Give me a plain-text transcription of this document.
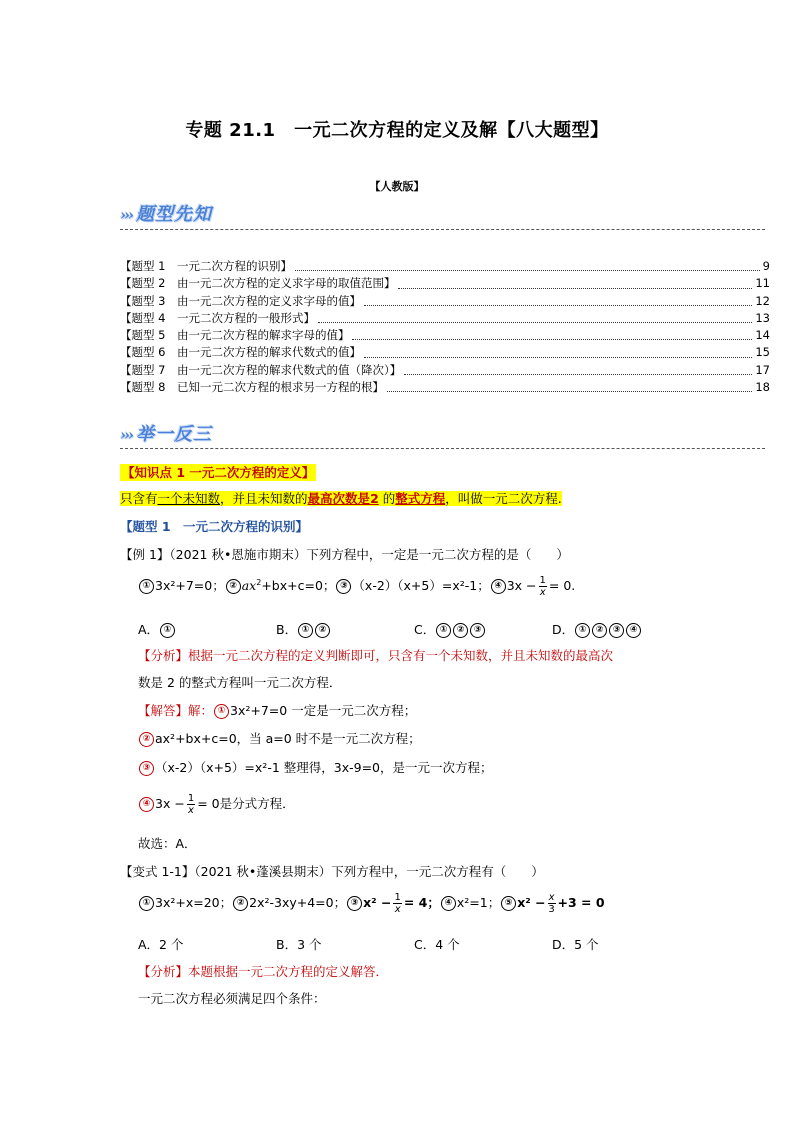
专题 21.1　一元二次方程的定义及解【八大题型】
【人教版】
››› 题型先知
【题型 1　一元二次方程的识别】	9
【题型 2　由一元二次方程的定义求字母的取值范围】	11
【题型 3　由一元二次方程的定义求字母的值】	12
【题型 4　一元二次方程的一般形式】	13
【题型 5　由一元二次方程的解求字母的值】	14
【题型 6　由一元二次方程的解求代数式的值】	15
【题型 7　由一元二次方程的解求代数式的值（降次）】	17
【题型 8　已知一元二次方程的根求另一方程的根】	18
››› 举一反三
【知识点 1 一元二次方程的定义】
只含有一个未知数，并且未知数的最高次数是2 的整式方程，叫做一元二次方程.
【题型 1　一元二次方程的识别】
【例 1】（2021 秋•恩施市期末）下列方程中，一定是一元二次方程的是（　　）
① 3x²+7=0； ② $ax^2+bx+c=0$； ③ （x-2）（x+5）=x²-1； ④ $3x - \frac{1}{x} = 0$.
A． ①	B． ① ②	C． ① ② ③	D． ① ② ③ ④
【分析】根据一元二次方程的定义判断即可，只含有一个未知数，并且未知数的最高次
数是 2 的整式方程叫一元二次方程．
【解答】解： ① 3x²+7=0 一定是一元二次方程；
② ax²+bx+c=0，当 a=0 时不是一元二次方程；
③ （x-2）（x+5）=x²-1 整理得，3x-9=0，是一元一次方程；
④ $3x - \frac{1}{x} = 0$是分式方程．
故选：A．
【变式 1-1】（2021 秋•蓬溪县期末）下列方程中，一元二次方程有（　　）
① 3x²+x=20； ② 2x²-3xy+4=0； ③ $x^2 - \frac{1}{x} = 4$； ④ x²=1； ⑤ $x^2 - \frac{x}{3} +3 = 0$
A．2 个	B．3 个	C．4 个	D．5 个
【分析】本题根据一元二次方程的定义解答．
一元二次方程必须满足四个条件：
